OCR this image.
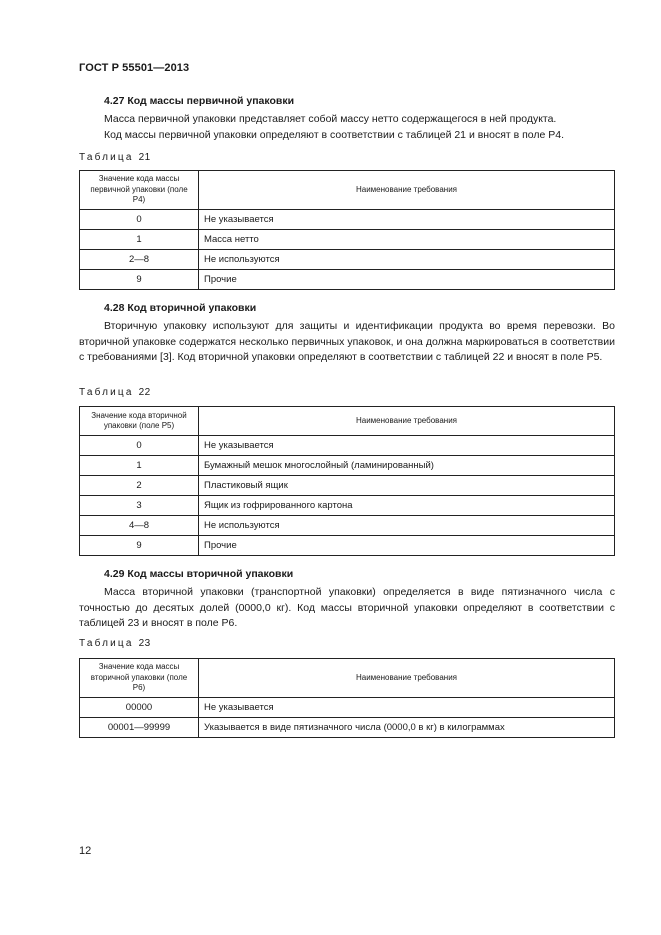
ГОСТ Р 55501—2013
4.27 Код массы первичной упаковки

Масса первичной упаковки представляет собой массу нетто содержащегося в ней продукта.

Код массы первичной упаковки определяют в соответствии с таблицей 21 и вносят в поле Р4.

Таблица 21
Значение кода массы первичной упаковки (поле Р4)	Наименование требования
0	Не указывается
1	Масса нетто
2—8	Не используются
9	Прочие
4.28 Код вторичной упаковки

Вторичную упаковку используют для защиты и идентификации продукта во время перевозки. Во вторичной упаковке содержатся несколько первичных упаковок, и она должна маркироваться в соответствии с требованиями [3]. Код вторичной упаковки определяют в соответствии с таблицей 22 и вносят в поле Р5.

Таблица 22
Значение кода вторичной упаковки (поле Р5)	Наименование требования
0	Не указывается
1	Бумажный мешок многослойный (ламинированный)
2	Пластиковый ящик
3	Ящик из гофрированного картона
4—8	Не используются
9	Прочие
4.29 Код массы вторичной упаковки

Масса вторичной упаковки (транспортной упаковки) определяется в виде пятизначного числа с точностью до десятых долей (0000,0 кг). Код массы вторичной упаковки определяют в соответствии с таблицей 23 и вносят в поле Р6.

Таблица 23
Значение кода массы вторичной упаковки (поле Р6)	Наименование требования
00000	Не указывается
00001—99999	Указывается в виде пятизначного числа (0000,0 в кг) в килограммах
12
